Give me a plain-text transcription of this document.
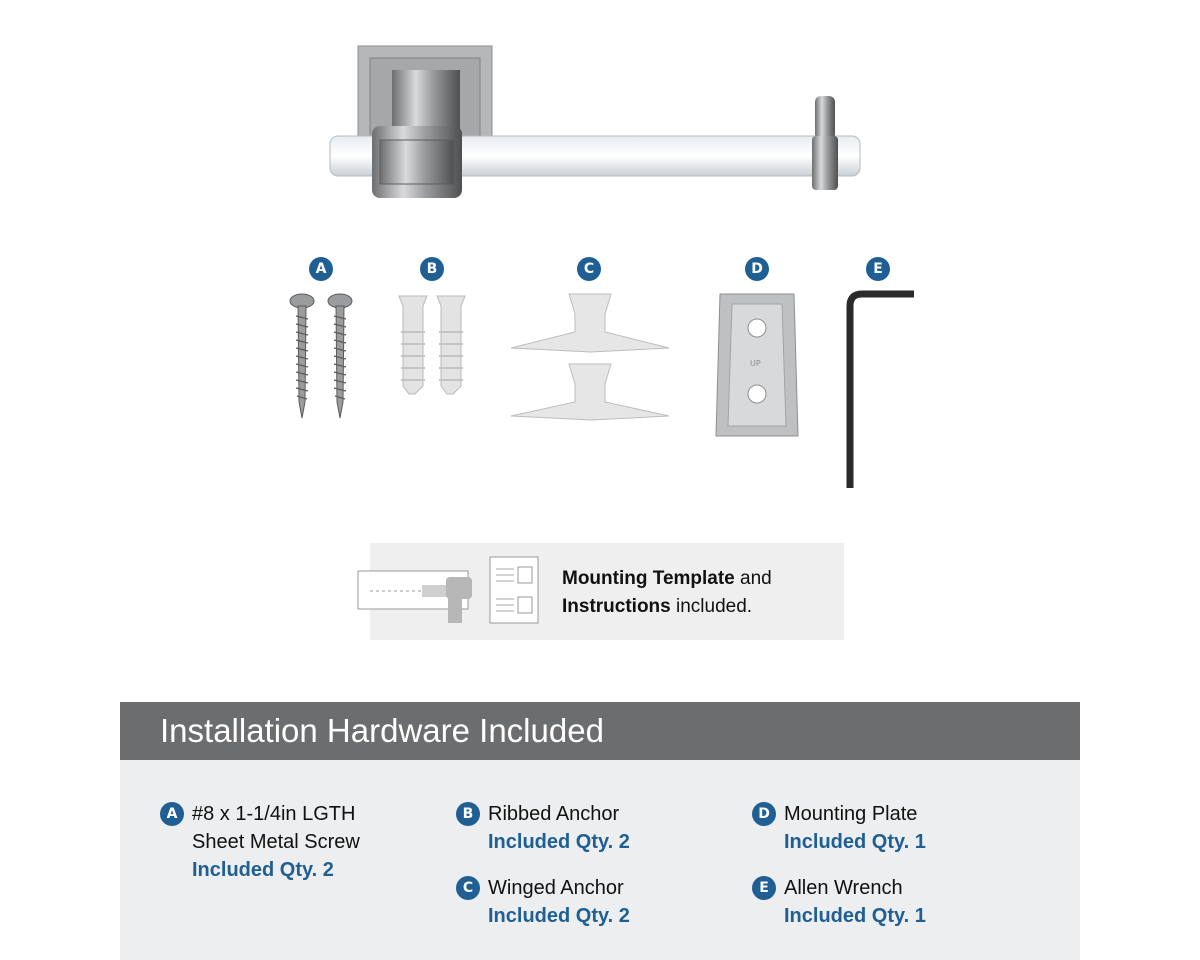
A	B	C	D	E
UP
Mounting Template and
Instructions included.
Installation Hardware Included
A #8 x 1-1/4in LGTH
Sheet Metal Screw
Included Qty. 2
B Ribbed Anchor
Included Qty. 2
C Winged Anchor
Included Qty. 2
D Mounting Plate
Included Qty. 1
E Allen Wrench
Included Qty. 1
